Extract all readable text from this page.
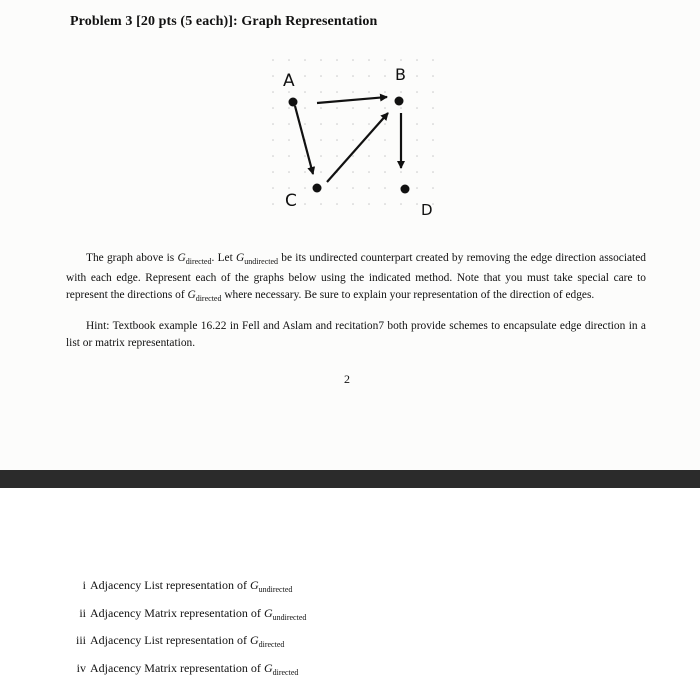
Problem 3 [20 pts (5 each)]: Graph Representation
A	B
C	D
The graph above is $G_{directed}$. Let $G_{undirected}$ be its undirected counterpart created by removing the edge direction associated with each edge. Represent each of the graphs below using the indicated method. Note that you must take special care to represent the directions of $G_{directed}$ where necessary. Be sure to explain your representation of the direction of edges.
Hint: Textbook example 16.22 in Fell and Aslam and recitation7 both provide schemes to encapsulate edge direction in a list or matrix representation.
2
i Adjacency List representation of $G_{undirected}$
ii Adjacency Matrix representation of $G_{undirected}$
iii Adjacency List representation of $G_{directed}$
iv Adjacency Matrix representation of $G_{directed}$
